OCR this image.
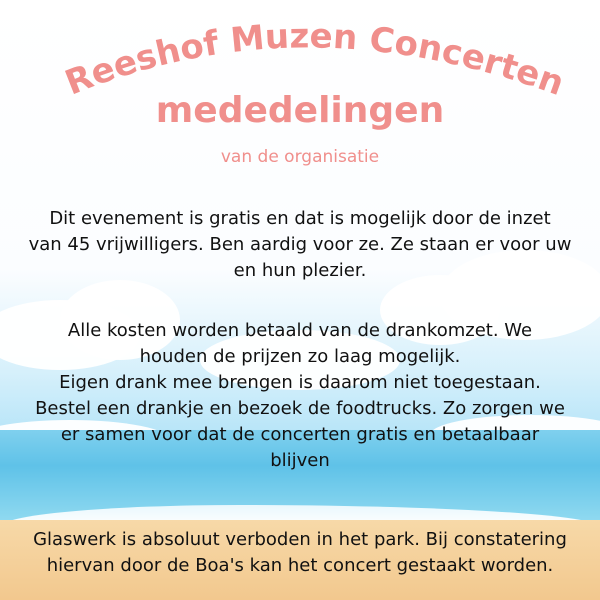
Reeshof Muzen Concerten
mededelingen
van de organisatie
Dit evenement is gratis en dat is mogelijk door de inzet
van 45 vrijwilligers. Ben aardig voor ze. Ze staan er voor uw
en hun plezier.
Alle kosten worden betaald van de drankomzet. We
houden de prijzen zo laag mogelijk.
Eigen drank mee brengen is daarom niet toegestaan.
Bestel een drankje en bezoek de foodtrucks. Zo zorgen we
er samen voor dat de concerten gratis en betaalbaar
blijven
Glaswerk is absoluut verboden in het park. Bij constatering
hiervan door de Boa's kan het concert gestaakt worden.
